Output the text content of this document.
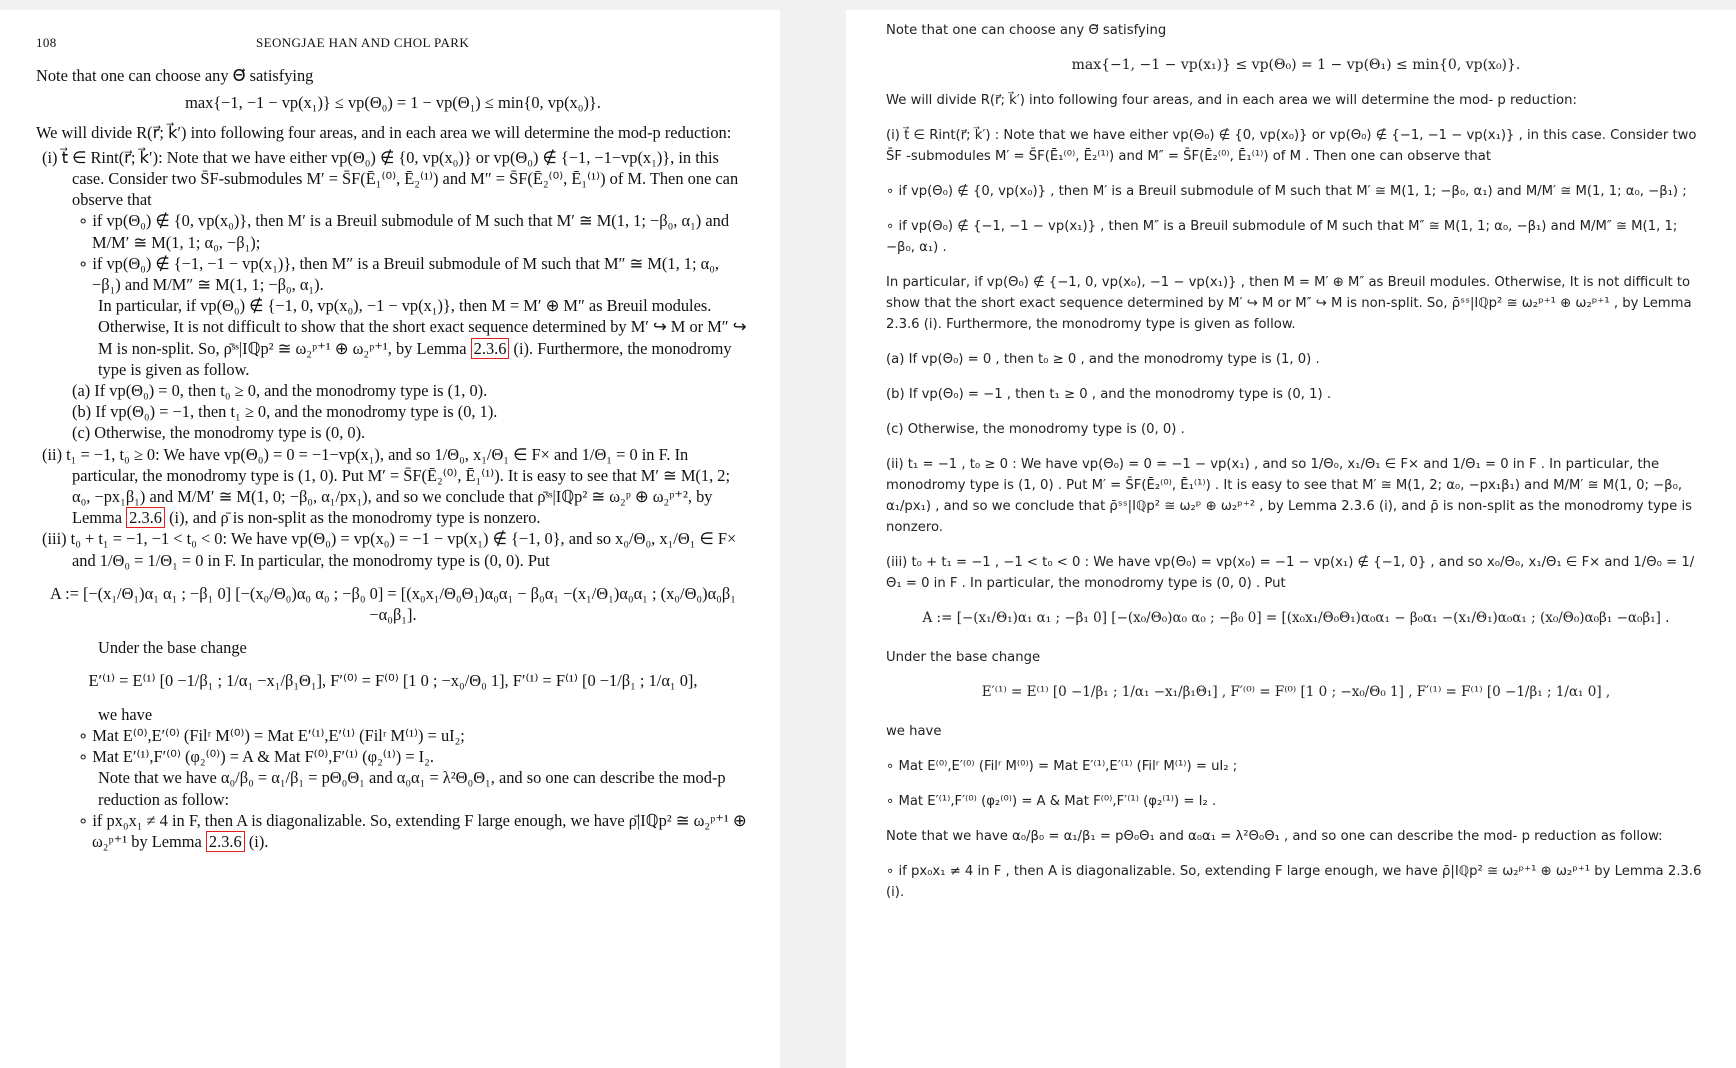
108	SEONGJAE HAN AND CHOL PARK

Note that one can choose any Θ⃗ satisfying

max{−1, −1 − vp(x₁)} ≤ vp(Θ₀) = 1 − vp(Θ₁) ≤ min{0, vp(x₀)}.

We will divide R(r⃗; k⃗′) into following four areas, and in each area we will determine the mod-p reduction:

(i) t⃗ ∈ Rint(r⃗; k⃗′): Note that we have either vp(Θ₀) ∉ {0, vp(x₀)} or vp(Θ₀) ∉ {−1, −1−vp(x₁)}, in this case. Consider two S̄F-submodules M′ = S̄F(Ē₁⁽⁰⁾, Ē₂⁽¹⁾) and M″ = S̄F(Ē₂⁽⁰⁾, Ē₁⁽¹⁾) of M. Then one can observe that

∘ if vp(Θ₀) ∉ {0, vp(x₀)}, then M′ is a Breuil submodule of M such that M′ ≅ M(1, 1; −β₀, α₁) and M/M′ ≅ M(1, 1; α₀, −β₁);

∘ if vp(Θ₀) ∉ {−1, −1 − vp(x₁)}, then M″ is a Breuil submodule of M such that M″ ≅ M(1, 1; α₀, −β₁) and M/M″ ≅ M(1, 1; −β₀, α₁).

In particular, if vp(Θ₀) ∉ {−1, 0, vp(x₀), −1 − vp(x₁)}, then M = M′ ⊕ M″ as Breuil modules. Otherwise, It is not difficult to show that the short exact sequence determined by M′ ↪ M or M″ ↪ M is non-split. So, ρ̄ˢˢ|Iℚp² ≅ ω₂ᵖ⁺¹ ⊕ ω₂ᵖ⁺¹, by Lemma 2.3.6 (i). Furthermore, the monodromy type is given as follow.

(a) If vp(Θ₀) = 0, then t₀ ≥ 0, and the monodromy type is (1, 0).

(b) If vp(Θ₀) = −1, then t₁ ≥ 0, and the monodromy type is (0, 1).

(c) Otherwise, the monodromy type is (0, 0).

(ii) t₁ = −1, t₀ ≥ 0: We have vp(Θ₀) = 0 = −1−vp(x₁), and so 1/Θ₀, x₁/Θ₁ ∈ F× and 1/Θ₁ = 0 in F. In particular, the monodromy type is (1, 0). Put M′ = S̄F(Ē₂⁽⁰⁾, Ē₁⁽¹⁾). It is easy to see that M′ ≅ M(1, 2; α₀, −px₁β₁) and M/M′ ≅ M(1, 0; −β₀, α₁/px₁), and so we conclude that ρ̄ˢˢ|Iℚp² ≅ ω₂ᵖ ⊕ ω₂ᵖ⁺², by Lemma 2.3.6 (i), and ρ̄ is non-split as the monodromy type is nonzero.

(iii) t₀ + t₁ = −1, −1 < t₀ < 0: We have vp(Θ₀) = vp(x₀) = −1 − vp(x₁) ∉ {−1, 0}, and so x₀/Θ₀, x₁/Θ₁ ∈ F× and 1/Θ₀ = 1/Θ₁ = 0 in F. In particular, the monodromy type is (0, 0). Put

A := [−(x₁/Θ₁)α₁ α₁ ; −β₁ 0] [−(x₀/Θ₀)α₀ α₀ ; −β₀ 0] = [(x₀x₁/Θ₀Θ₁)α₀α₁ − β₀α₁ −(x₁/Θ₁)α₀α₁ ; (x₀/Θ₀)α₀β₁ −α₀β₁].

Under the base change

E′⁽¹⁾ = E⁽¹⁾ [0 −1/β₁ ; 1/α₁ −x₁/β₁Θ₁], F′⁽⁰⁾ = F⁽⁰⁾ [1 0 ; −x₀/Θ₀ 1], F′⁽¹⁾ = F⁽¹⁾ [0 −1/β₁ ; 1/α₁ 0],

we have

∘ Mat E⁽⁰⁾,E′⁽⁰⁾ (Filʳ M⁽⁰⁾) = Mat E′⁽¹⁾,E′⁽¹⁾ (Filʳ M⁽¹⁾) = uI₂;

∘ Mat E′⁽¹⁾,F′⁽⁰⁾ (φ₂⁽⁰⁾) = A & Mat F⁽⁰⁾,F′⁽¹⁾ (φ₂⁽¹⁾) = I₂.

Note that we have α₀/β₀ = α₁/β₁ = pΘ₀Θ₁ and α₀α₁ = λ²Θ₀Θ₁, and so one can describe the mod-p reduction as follow:

∘ if px₀x₁ ≠ 4 in F, then A is diagonalizable. So, extending F large enough, we have ρ̄|Iℚp² ≅ ω₂ᵖ⁺¹ ⊕ ω₂ᵖ⁺¹ by Lemma 2.3.6 (i).

Note that one can choose any Θ⃗ satisfying

max{−1, −1 − vp(x₁)} ≤ vp(Θ₀) = 1 − vp(Θ₁) ≤ min{0, vp(x₀)}.

We will divide R(r⃗; k⃗′) into following four areas, and in each area we will determine the mod- p reduction:

(i) t⃗ ∈ Rint(r⃗; k⃗′) : Note that we have either vp(Θ₀) ∉ {0, vp(x₀)} or vp(Θ₀) ∉ {−1, −1 − vp(x₁)} , in this case. Consider two S̄F -submodules M′ = S̄F(Ē₁⁽⁰⁾, Ē₂⁽¹⁾) and M″ = S̄F(Ē₂⁽⁰⁾, Ē₁⁽¹⁾) of M . Then one can observe that

∘ if vp(Θ₀) ∉ {0, vp(x₀)} , then M′ is a Breuil submodule of M such that M′ ≅ M(1, 1; −β₀, α₁) and M/M′ ≅ M(1, 1; α₀, −β₁) ;

∘ if vp(Θ₀) ∉ {−1, −1 − vp(x₁)} , then M″ is a Breuil submodule of M such that M″ ≅ M(1, 1; α₀, −β₁) and M/M″ ≅ M(1, 1; −β₀, α₁) .

In particular, if vp(Θ₀) ∉ {−1, 0, vp(x₀), −1 − vp(x₁)} , then M = M′ ⊕ M″ as Breuil modules. Otherwise, It is not difficult to show that the short exact sequence determined by M′ ↪ M or M″ ↪ M is non-split. So, ρ̄ˢˢ|Iℚp² ≅ ω₂ᵖ⁺¹ ⊕ ω₂ᵖ⁺¹ , by Lemma 2.3.6 (i). Furthermore, the monodromy type is given as follow.

(a) If vp(Θ₀) = 0 , then t₀ ≥ 0 , and the monodromy type is (1, 0) .

(b) If vp(Θ₀) = −1 , then t₁ ≥ 0 , and the monodromy type is (0, 1) .

(c) Otherwise, the monodromy type is (0, 0) .

(ii) t₁ = −1 , t₀ ≥ 0 : We have vp(Θ₀) = 0 = −1 − vp(x₁) , and so 1/Θ₀, x₁/Θ₁ ∈ F× and 1/Θ₁ = 0 in F . In particular, the monodromy type is (1, 0) . Put M′ = S̄F(Ē₂⁽⁰⁾, Ē₁⁽¹⁾) . It is easy to see that M′ ≅ M(1, 2; α₀, −px₁β₁) and M/M′ ≅ M(1, 0; −β₀, α₁/px₁) , and so we conclude that ρ̄ˢˢ|Iℚp² ≅ ω₂ᵖ ⊕ ω₂ᵖ⁺² , by Lemma 2.3.6 (i), and ρ̄ is non-split as the monodromy type is nonzero.

(iii) t₀ + t₁ = −1 , −1 < t₀ < 0 : We have vp(Θ₀) = vp(x₀) = −1 − vp(x₁) ∉ {−1, 0} , and so x₀/Θ₀, x₁/Θ₁ ∈ F× and 1/Θ₀ = 1/Θ₁ = 0 in F . In particular, the monodromy type is (0, 0) . Put

A := [−(x₁/Θ₁)α₁ α₁ ; −β₁ 0] [−(x₀/Θ₀)α₀ α₀ ; −β₀ 0] = [(x₀x₁/Θ₀Θ₁)α₀α₁ − β₀α₁ −(x₁/Θ₁)α₀α₁ ; (x₀/Θ₀)α₀β₁ −α₀β₁] .

Under the base change

E′⁽¹⁾ = E⁽¹⁾ [0 −1/β₁ ; 1/α₁ −x₁/β₁Θ₁] , F′⁽⁰⁾ = F⁽⁰⁾ [1 0 ; −x₀/Θ₀ 1] , F′⁽¹⁾ = F⁽¹⁾ [0 −1/β₁ ; 1/α₁ 0] ,

we have

∘ Mat E⁽⁰⁾,E′⁽⁰⁾ (Filʳ M⁽⁰⁾) = Mat E′⁽¹⁾,E′⁽¹⁾ (Filʳ M⁽¹⁾) = uI₂ ;

∘ Mat E′⁽¹⁾,F′⁽⁰⁾ (φ₂⁽⁰⁾) = A & Mat F⁽⁰⁾,F′⁽¹⁾ (φ₂⁽¹⁾) = I₂ .

Note that we have α₀/β₀ = α₁/β₁ = pΘ₀Θ₁ and α₀α₁ = λ²Θ₀Θ₁ , and so one can describe the mod- p reduction as follow:

∘ if px₀x₁ ≠ 4 in F , then A is diagonalizable. So, extending F large enough, we have ρ̄|Iℚp² ≅ ω₂ᵖ⁺¹ ⊕ ω₂ᵖ⁺¹ by Lemma 2.3.6 (i).
